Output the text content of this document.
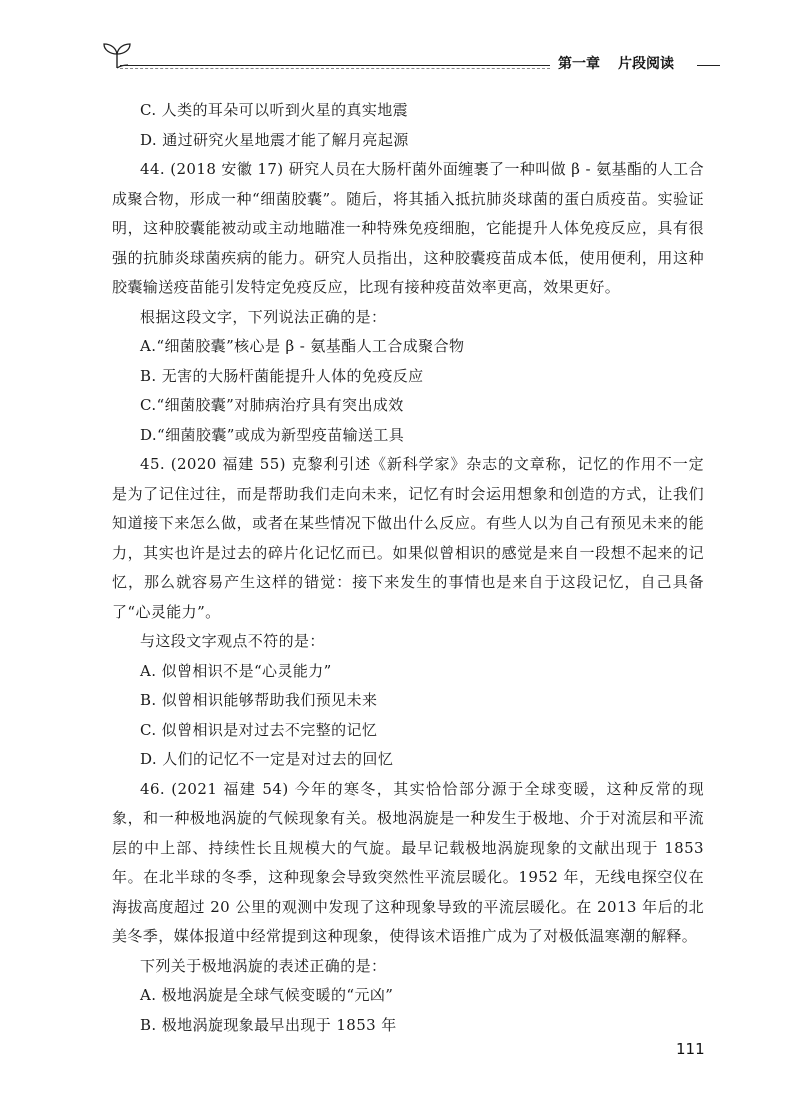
第一章 片段阅读

C. 人类的耳朵可以听到火星的真实地震

D. 通过研究火星地震才能了解月亮起源

44. (2018 安徽 17) 研究人员在大肠杆菌外面缠裹了一种叫做 β - 氨基酯的人工合成聚合物，形成一种“细菌胶囊”。随后，将其插入抵抗肺炎球菌的蛋白质疫苗。实验证明，这种胶囊能被动或主动地瞄准一种特殊免疫细胞，它能提升人体免疫反应，具有很强的抗肺炎球菌疾病的能力。研究人员指出，这种胶囊疫苗成本低，使用便利，用这种胶囊输送疫苗能引发特定免疫反应，比现有接种疫苗效率更高，效果更好。

根据这段文字，下列说法正确的是：

A.“细菌胶囊”核心是 β - 氨基酯人工合成聚合物

B. 无害的大肠杆菌能提升人体的免疫反应

C.“细菌胶囊”对肺病治疗具有突出成效

D.“细菌胶囊”或成为新型疫苗输送工具

45. (2020 福建 55) 克黎利引述《新科学家》杂志的文章称，记忆的作用不一定是为了记住过往，而是帮助我们走向未来，记忆有时会运用想象和创造的方式，让我们知道接下来怎么做，或者在某些情况下做出什么反应。有些人以为自己有预见未来的能力，其实也许是过去的碎片化记忆而已。如果似曾相识的感觉是来自一段想不起来的记忆，那么就容易产生这样的错觉：接下来发生的事情也是来自于这段记忆，自己具备了“心灵能力”。

与这段文字观点不符的是：

A. 似曾相识不是“心灵能力”

B. 似曾相识能够帮助我们预见未来

C. 似曾相识是对过去不完整的记忆

D. 人们的记忆不一定是对过去的回忆

46. (2021 福建 54) 今年的寒冬，其实恰恰部分源于全球变暖，这种反常的现象，和一种极地涡旋的气候现象有关。极地涡旋是一种发生于极地、介于对流层和平流层的中上部、持续性长且规模大的气旋。最早记载极地涡旋现象的文献出现于 1853 年。在北半球的冬季，这种现象会导致突然性平流层暖化。1952 年，无线电探空仪在海拔高度超过 20 公里的观测中发现了这种现象导致的平流层暖化。在 2013 年后的北美冬季，媒体报道中经常提到这种现象，使得该术语推广成为了对极低温寒潮的解释。

下列关于极地涡旋的表述正确的是：

A. 极地涡旋是全球气候变暖的“元凶”

B. 极地涡旋现象最早出现于 1853 年

111
